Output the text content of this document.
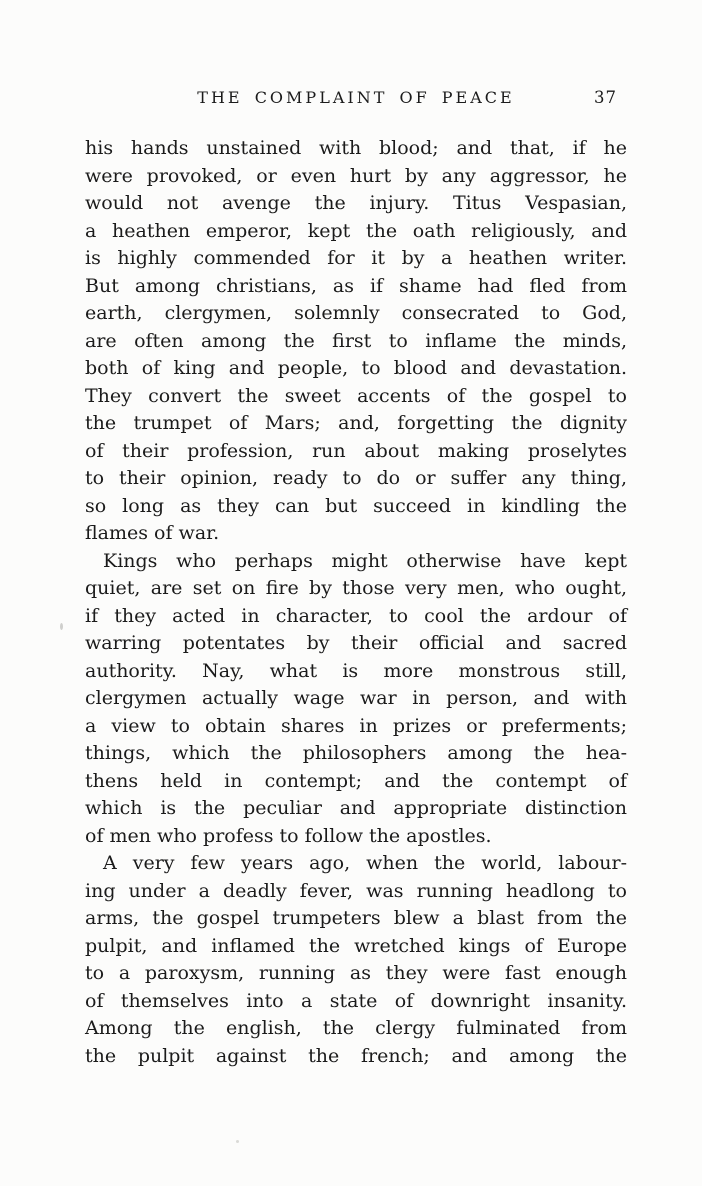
THE COMPLAINT OF PEACE	37
his hands unstained with blood; and that, if he
were provoked, or even hurt by any aggressor, he
would not avenge the injury. Titus Vespasian,
a heathen emperor, kept the oath religiously, and
is highly commended for it by a heathen writer.
But among christians, as if shame had fled from
earth, clergymen, solemnly consecrated to God,
are often among the first to inflame the minds,
both of king and people, to blood and devastation.
They convert the sweet accents of the gospel to
the trumpet of Mars; and, forgetting the dignity
of their profession, run about making proselytes
to their opinion, ready to do or suffer any thing,
so long as they can but succeed in kindling the
flames of war.
Kings who perhaps might otherwise have kept
quiet, are set on fire by those very men, who ought,
if they acted in character, to cool the ardour of
warring potentates by their official and sacred
authority. Nay, what is more monstrous still,
clergymen actually wage war in person, and with
a view to obtain shares in prizes or preferments;
things, which the philosophers among the hea-
thens held in contempt; and the contempt of
which is the peculiar and appropriate distinction
of men who profess to follow the apostles.
A very few years ago, when the world, labour-
ing under a deadly fever, was running headlong to
arms, the gospel trumpeters blew a blast from the
pulpit, and inflamed the wretched kings of Europe
to a paroxysm, running as they were fast enough
of themselves into a state of downright insanity.
Among the english, the clergy fulminated from
the pulpit against the french; and among the
